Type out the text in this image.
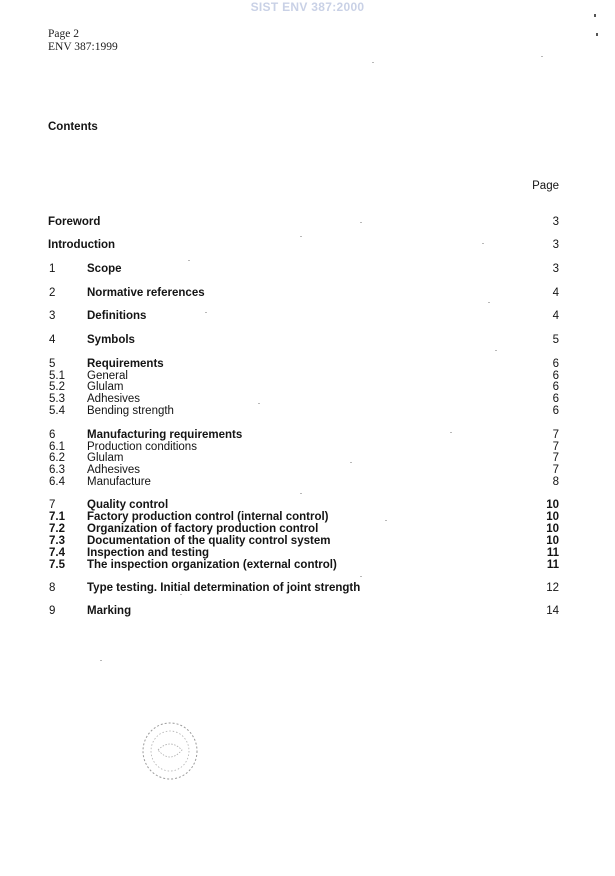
SIST ENV 387:2000
Page 2
ENV 387:1999
Contents
Page
Foreword	3
Introduction	3
1	Scope	3
2	Normative references	4
3	Definitions	4
4	Symbols	5
5	Requirements	6
5.1 General	6
5.2 Glulam	6
5.3 Adhesives	6
5.4 Bending strength	6
6	Manufacturing requirements	7
6.1 Production conditions	7
6.2 Glulam	7
6.3 Adhesives	7
6.4 Manufacture	8
7	Quality control	10
7.1 Factory production control (internal control)	10
7.2 Organization of factory production control	10
7.3 Documentation of the quality control system	10
7.4 Inspection and testing	11
7.5 The inspection organization (external control)	11
8	Type testing. Initial determination of joint strength	12
9	Marking	14
